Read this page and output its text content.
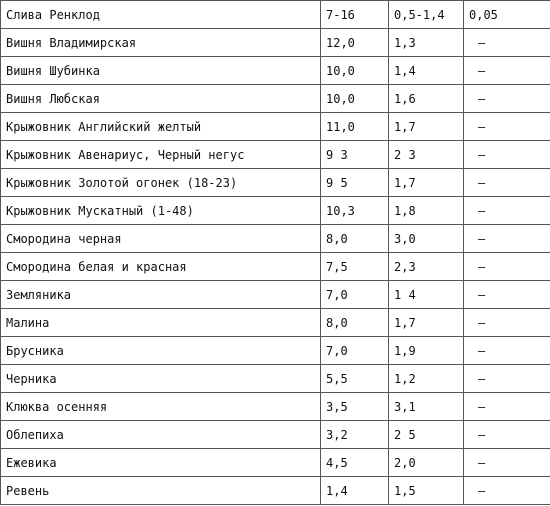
Слива Ренклод	7-16	0,5-1,4	0,05
Вишня Владимирская	12,0	1,3	—
Вишня Шубинка	10,0	1,4	—
Вишня Любская	10,0	1,6	—
Крыжовник Английский желтый	11,0	1,7	—
Крыжовник Авенариус, Черный негус	9 3	2 3	—
Крыжовник Золотой огонек (18-23)	9 5	1,7	—
Крыжовник Мускатный (1-48)	10,3	1,8	—
Смородина черная	8,0	3,0	—
Смородина белая и красная	7,5	2,3	—
Земляника	7,0	1 4	—
Малина	8,0	1,7	—
Брусника	7,0	1,9	—
Черника	5,5	1,2	—
Клюква осенняя	3,5	3,1	—
Облепиха	3,2	2 5	—
Ежевика	4,5	2,0	—
Ревень	1,4	1,5	—
